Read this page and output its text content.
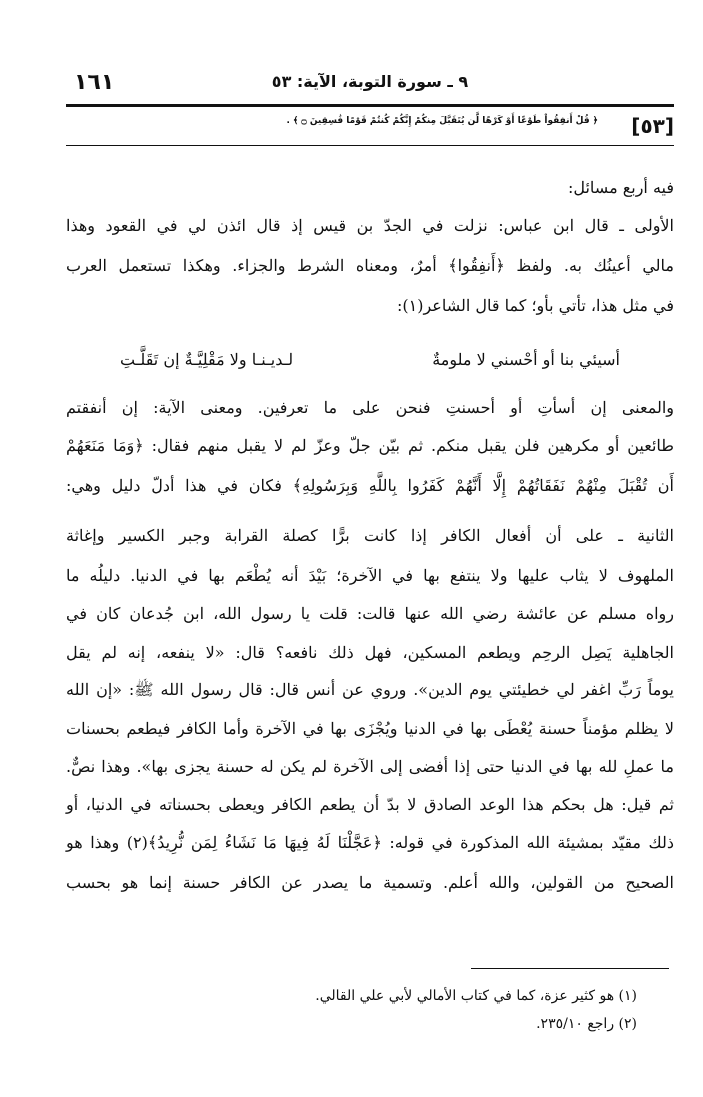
١٦١	٩ ـ سورة التوبة، الآية: ٥٣
[٥٣]
﴿ قُلْ أَنفِقُواْ طَوْعًا أَوْ كَرْهًا لَّن يُتَقَبَّلَ مِنكُمْ إِنَّكُمْ كُنتُمْ قَوْمًا فَٰسِقِينَ ۝ ﴾ .
فيه أربع مسائل:
الأولى ـ قال ابن عباس: نزلت في الجدّ بن قيس إذ قال ائذن لي في القعود وهذا
مالي أعينُك به. ولفظ ﴿أَنفِقُوا﴾ أمرٌ، ومعناه الشرط والجزاء. وهكذا تستعمل العرب
في مثل هذا، تأتي بأو؛ كما قال الشاعر(١):
أسيئي بنا أو أحْسني لا ملومةٌ
لـديـنـا ولا مَقْلِيَّـةٌ إن تَقَلَّـتِ
والمعنى إن أسأتِ أو أحسنتِ فنحن على ما تعرفين. ومعنى الآية: إن أنفقتم
طائعين أو مكرهين فلن يقبل منكم. ثم بيّن جلّ وعزّ لم لا يقبل منهم فقال: ﴿وَمَا مَنَعَهُمْ
أَن تُقْبَلَ مِنْهُمْ نَفَقَاتُهُمْ إِلَّا أَنَّهُمْ كَفَرُوا بِاللَّهِ وَبِرَسُولِهِ﴾ فكان في هذا أدلّ دليل وهي:
الثانية ـ على أن أفعال الكافر إذا كانت برًّا كصلة القرابة وجبر الكسير وإغاثة
الملهوف لا يثاب عليها ولا ينتفع بها في الآخرة؛ بَيْدَ أنه يُطْعَم بها في الدنيا. دليلُه ما
رواه مسلم عن عائشة رضي الله عنها قالت: قلت يا رسول الله، ابن جُدعان كان في
الجاهلية يَصِل الرحِم ويطعم المسكين، فهل ذلك نافعه؟ قال: «لا ينفعه، إنه لم يقل
يوماً رَبِّ اغفر لي خطيئتي يوم الدين». وروي عن أنس قال: قال رسول الله ﷺ: «إن الله
لا يظلم مؤمناً حسنة يُعْطَى بها في الدنيا ويُجْزَى بها في الآخرة وأما الكافر فيطعم بحسنات
ما عملِ لله بها في الدنيا حتى إذا أفضى إلى الآخرة لم يكن له حسنة يجزى بها». وهذا نصٌّ.
ثم قيل: هل بحكم هذا الوعد الصادق لا بدّ أن يطعم الكافر ويعطى بحسناته في الدنيا، أو
ذلك مقيّد بمشيئة الله المذكورة في قوله: ﴿عَجَّلْنَا لَهُ فِيهَا مَا نَشَاءُ لِمَن نُّرِيدُ﴾(٢) وهذا هو
الصحيح من القولين، والله أعلم. وتسمية ما يصدر عن الكافر حسنة إنما هو بحسب
(١) هو كثير عزة، كما في كتاب الأمالي لأبي علي القالي.
(٢) راجع ٢٣٥/١٠.
